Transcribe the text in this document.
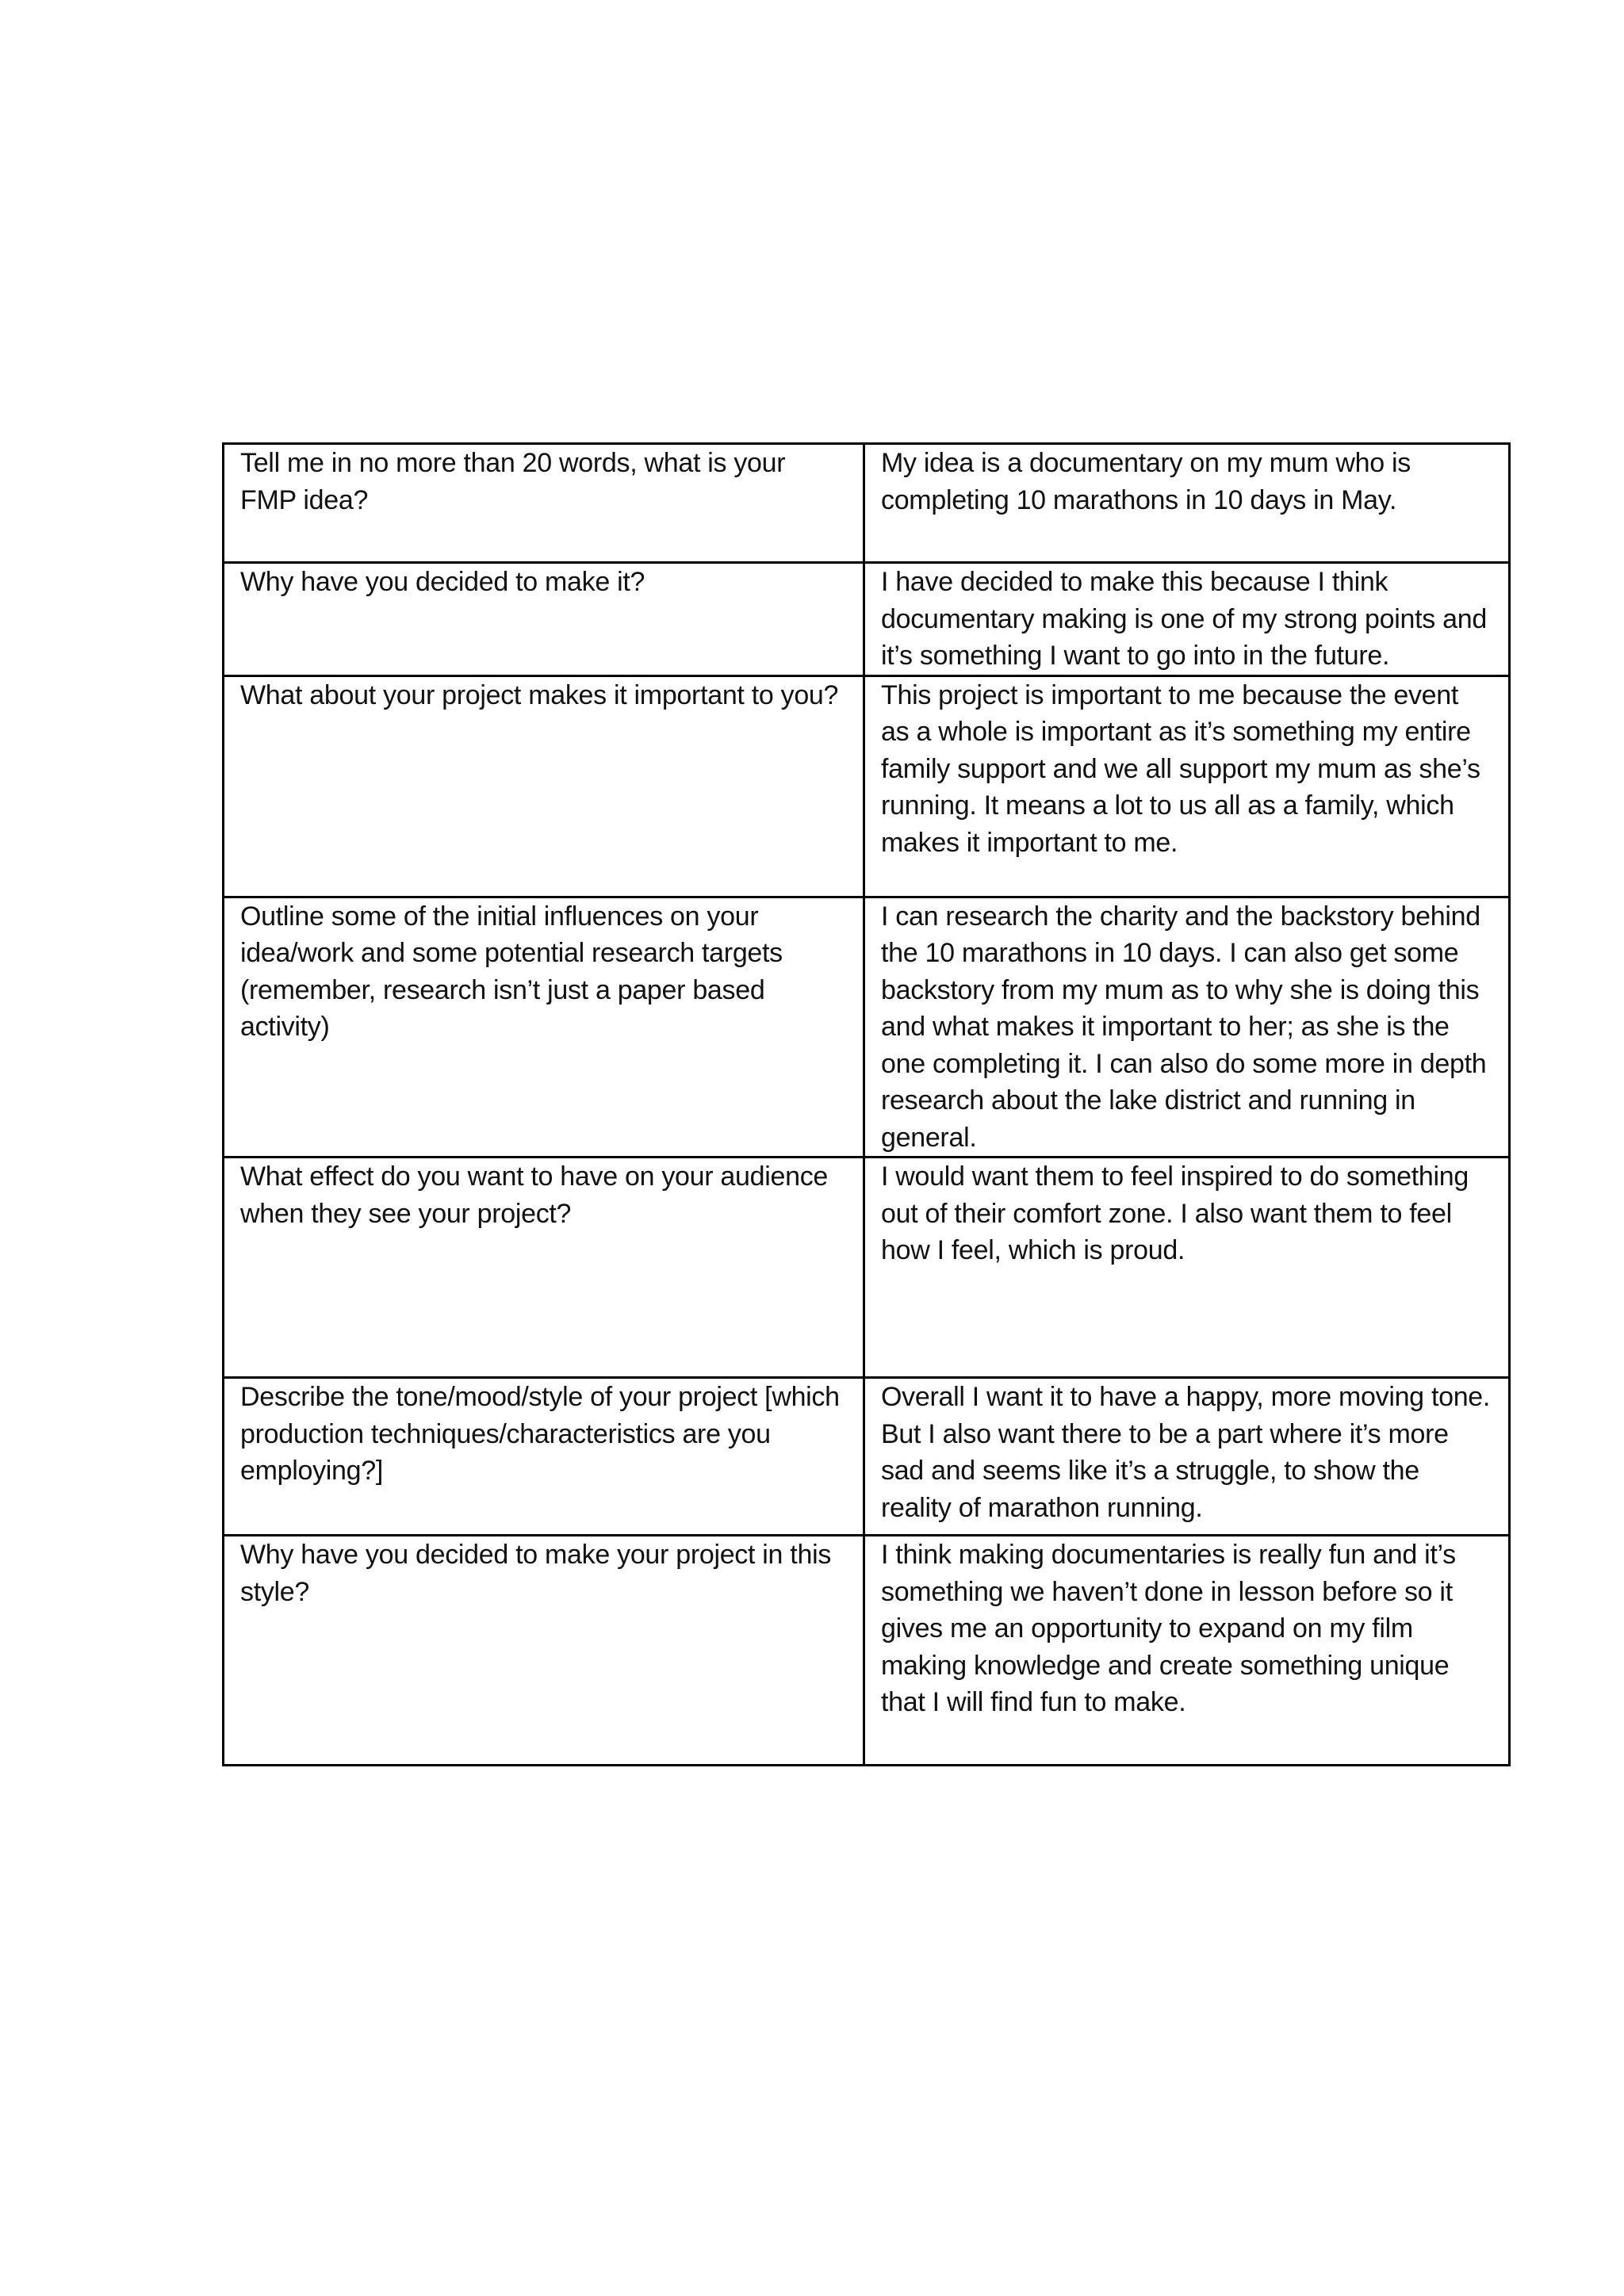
Tell me in no more than 20 words, what is your FMP idea?	My idea is a documentary on my mum who is completing 10 marathons in 10 days in May.

Why have you decided to make it?	I have decided to make this because I think documentary making is one of my strong points and it’s something I want to go into in the future.

What about your project makes it important to you?	This project is important to me because the event as a whole is important as it’s something my entire family support and we all support my mum as she’s running. It means a lot to us all as a family, which makes it important to me.

Outline some of the initial influences on your idea/work and some potential research targets (remember, research isn’t just a paper based activity)	I can research the charity and the backstory behind the 10 marathons in 10 days. I can also get some backstory from my mum as to why she is doing this and what makes it important to her; as she is the one completing it. I can also do some more in depth research about the lake district and running in general.

What effect do you want to have on your audience when they see your project?	I would want them to feel inspired to do something out of their comfort zone. I also want them to feel how I feel, which is proud.

Describe the tone/mood/style of your project [which production techniques/characteristics are you employing?]	Overall I want it to have a happy, more moving tone. But I also want there to be a part where it’s more sad and seems like it’s a struggle, to show the reality of marathon running.

Why have you decided to make your project in this style?	I think making documentaries is really fun and it’s something we haven’t done in lesson before so it gives me an opportunity to expand on my film making knowledge and create something unique that I will find fun to make.
